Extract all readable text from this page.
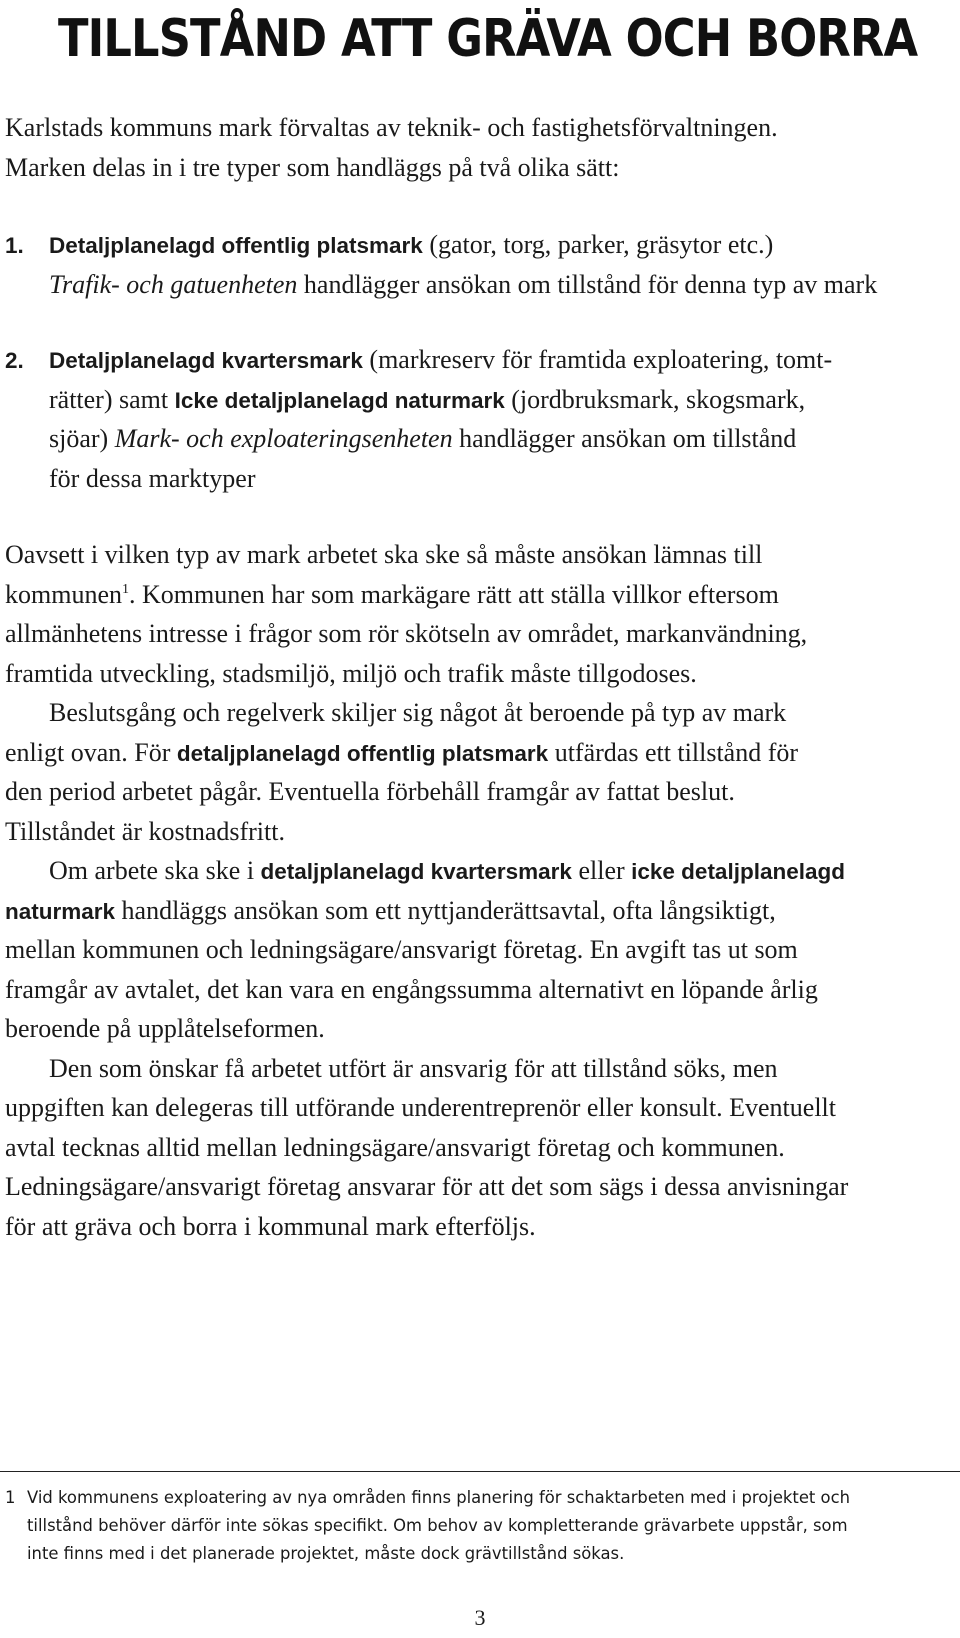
TILLSTÅND ATT GRÄVA OCH BORRA
Karlstads kommuns mark förvaltas av teknik- och fastighetsförvaltningen.
Marken delas in i tre typer som handläggs på två olika sätt:
1. Detaljplanelagd offentlig platsmark (gator, torg, parker, gräsytor etc.)
Trafik- och gatuenheten handlägger ansökan om tillstånd för denna typ av mark
2. Detaljplanelagd kvartersmark (markreserv för framtida exploatering, tomt-
rätter) samt Icke detaljplanelagd naturmark (jordbruksmark, skogsmark,
sjöar) Mark- och exploateringsenheten handlägger ansökan om tillstånd
för dessa marktyper
Oavsett i vilken typ av mark arbetet ska ske så måste ansökan lämnas till
kommunen$^1$. Kommunen har som markägare rätt att ställa villkor eftersom
allmänhetens intresse i frågor som rör skötseln av området, markanvändning,
framtida utveckling, stadsmiljö, miljö och trafik måste tillgodoses.
Beslutsgång och regelverk skiljer sig något åt beroende på typ av mark
enligt ovan. För detaljplanelagd offentlig platsmark utfärdas ett tillstånd för
den period arbetet pågår. Eventuella förbehåll framgår av fattat beslut.
Tillståndet är kostnadsfritt.
Om arbete ska ske i detaljplanelagd kvartersmark eller icke detaljplanelagd
naturmark handläggs ansökan som ett nyttjanderättsavtal, ofta långsiktigt,
mellan kommunen och ledningsägare/ansvarigt företag. En avgift tas ut som
framgår av avtalet, det kan vara en engångssumma alternativt en löpande årlig
beroende på upplåtelseformen.
Den som önskar få arbetet utfört är ansvarig för att tillstånd söks, men
uppgiften kan delegeras till utförande underentreprenör eller konsult. Eventuellt
avtal tecknas alltid mellan ledningsägare/ansvarigt företag och kommunen.
Ledningsägare/ansvarigt företag ansvarar för att det som sägs i dessa anvisningar
för att gräva och borra i kommunal mark efterföljs.
1 Vid kommunens exploatering av nya områden finns planering för schaktarbeten med i projektet och
tillstånd behöver därför inte sökas specifikt. Om behov av kompletterande grävarbete uppstår, som
inte finns med i det planerade projektet, måste dock grävtillstånd sökas.
3
